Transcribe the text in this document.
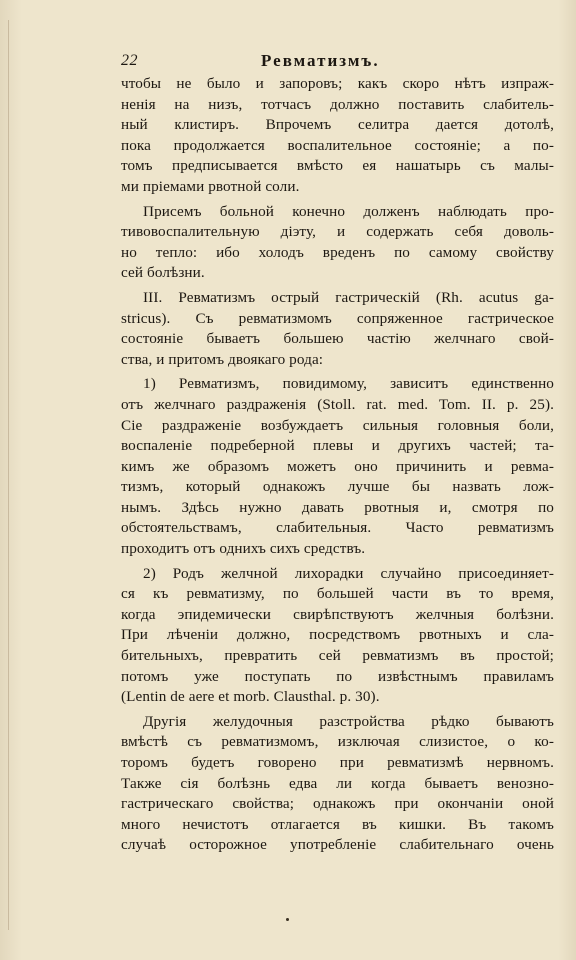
22	Ревматизмъ.
чтобы не было и запоровъ; какъ скоро нѣтъ изпраж-
ненія на низъ, тотчасъ должно поставить слабитель-
ный клистиръ. Впрочемъ селитра дается дотолѣ,
пока продолжается воспалительное состояніе; а по-
томъ предписывается вмѣсто ея нашатырь съ малы-
ми пріемами рвотной соли.
Присемъ больной конечно долженъ наблюдать про-
тивовоспалительную діэту, и содержать себя доволь-
но тепло: ибо холодъ вреденъ по самому свойству
сей болѣзни.
III. Ревматизмъ острый гастрическій (Rh. acutus ga-
stricus). Съ ревматизмомъ сопряженное гастрическое
состояніе бываетъ большею частію желчнаго свой-
ства, и притомъ двоякаго рода:
1) Ревматизмъ, повидимому, зависитъ единственно
отъ желчнаго раздраженія (Stoll. rat. med. Tom. II. p. 25).
Сіе раздраженіе возбуждаетъ сильныя головныя боли,
воспаленіе подреберной плевы и другихъ частей; та-
кимъ же образомъ можетъ оно причинить и ревма-
тизмъ, который однакожъ лучше бы назвать лож-
нымъ. Здѣсь нужно давать рвотныя и, смотря по
обстоятельствамъ, слабительныя. Часто ревматизмъ
проходитъ отъ однихъ сихъ средствъ.
2) Родъ желчной лихорадки случайно присоединяет-
ся къ ревматизму, по большей части въ то время,
когда эпидемически свирѣпствуютъ желчныя болѣзни.
При лѣченіи должно, посредствомъ рвотныхъ и сла-
бительныхъ, превратить сей ревматизмъ въ простой;
потомъ уже поступать по извѣстнымъ правиламъ
(Lentin de aere et morb. Clausthal. p. 30).
Другія желудочныя разстройства рѣдко бываютъ
вмѣстѣ съ ревматизмомъ, изключая слизистое, о ко-
торомъ будетъ говорено при ревматизмѣ нервномъ.
Также сія болѣзнь едва ли когда бываетъ венозно-
гастрическаго свойства; однакожъ при окончаніи оной
много нечистотъ отлагается въ кишки. Въ такомъ
случаѣ осторожное употребленіе слабительнаго очень
